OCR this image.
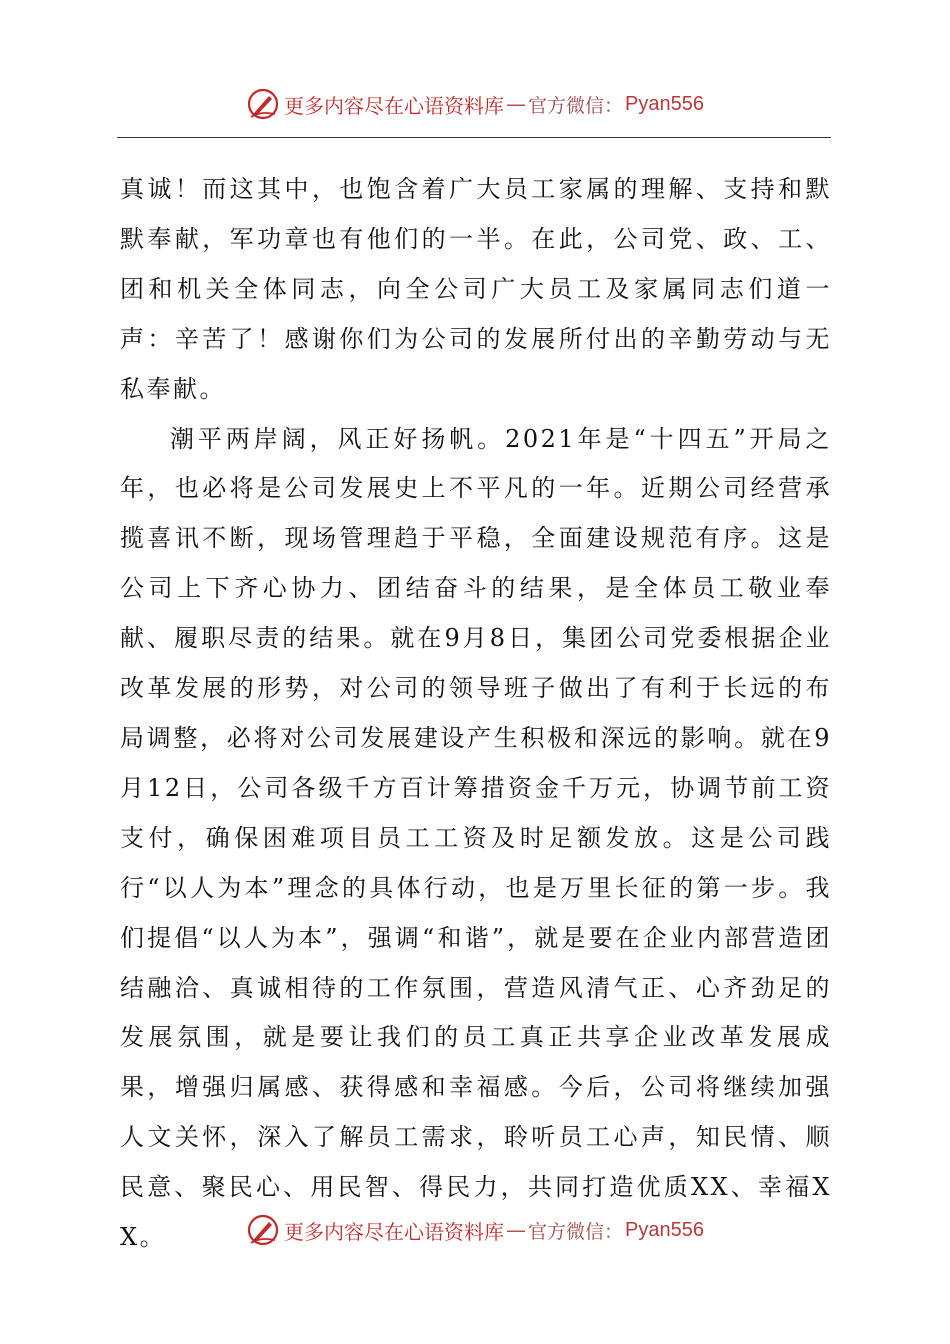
更多内容尽在心语资料库 — 官方微信： Pyan556

真诚！而这其中，也饱含着广大员工家属的理解、支持和默默奉献，军功章也有他们的一半。在此，公司党、政、工、团和机关全体同志，向全公司广大员工及家属同志们道一声：辛苦了！感谢你们为公司的发展所付出的辛勤劳动与无私奉献。

潮平两岸阔，风正好扬帆。2021年是“十四五”开局之年，也必将是公司发展史上不平凡的一年。近期公司经营承揽喜讯不断，现场管理趋于平稳，全面建设规范有序。这是公司上下齐心协力、团结奋斗的结果，是全体员工敬业奉献、履职尽责的结果。就在9月8日，集团公司党委根据企业改革发展的形势，对公司的领导班子做出了有利于长远的布局调整，必将对公司发展建设产生积极和深远的影响。就在9月12日，公司各级千方百计筹措资金千万元，协调节前工资支付，确保困难项目员工工资及时足额发放。这是公司践行“以人为本”理念的具体行动，也是万里长征的第一步。我们提倡“以人为本”，强调“和谐”，就是要在企业内部营造团结融洽、真诚相待的工作氛围，营造风清气正、心齐劲足的发展氛围，就是要让我们的员工真正共享企业改革发展成果，增强归属感、获得感和幸福感。今后，公司将继续加强人文关怀，深入了解员工需求，聆听员工心声，知民情、顺民意、聚民心、用民智、得民力，共同打造优质XX、幸福XX。	更多内容尽在心语资料库 — 官方微信： Pyan556
